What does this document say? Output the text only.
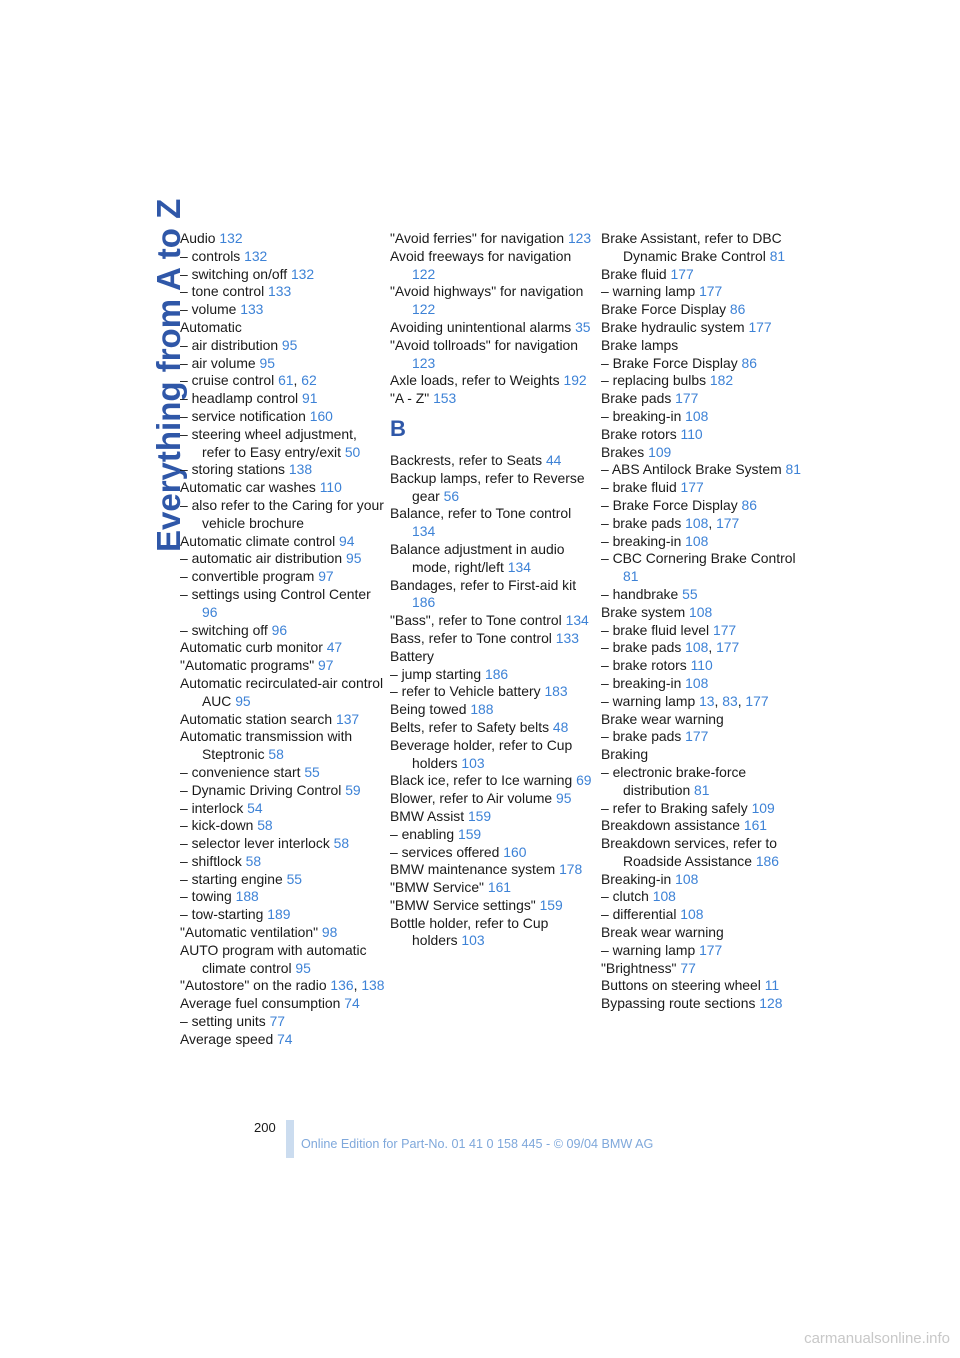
Everything from A to Z
Audio 132
– controls 132
– switching on/off 132
– tone control 133
– volume 133
Automatic
– air distribution 95
– air volume 95
– cruise control 61, 62
– headlamp control 91
– service notification 160
– steering wheel adjustment, refer to Easy entry/exit 50
– storing stations 138
Automatic car washes 110
– also refer to the Caring for your vehicle brochure
Automatic climate control 94
– automatic air distribution 95
– convertible program 97
– settings using Control Center 96
– switching off 96
Automatic curb monitor 47
"Automatic programs" 97
Automatic recirculated-air control AUC 95
Automatic station search 137
Automatic transmission with Steptronic 58
– convenience start 55
– Dynamic Driving Control 59
– interlock 54
– kick-down 58
– selector lever interlock 58
– shiftlock 58
– starting engine 55
– towing 188
– tow-starting 189
"Automatic ventilation" 98
AUTO program with automatic climate control 95
"Autostore" on the radio 136, 138
Average fuel consumption 74
– setting units 77
Average speed 74
"Avoid ferries" for navigation 123
Avoid freeways for navigation 122
"Avoid highways" for navigation 122
Avoiding unintentional alarms 35
"Avoid tollroads" for navigation 123
Axle loads, refer to Weights 192
"A - Z" 153
B
Backrests, refer to Seats 44
Backup lamps, refer to Reverse gear 56
Balance, refer to Tone control 134
Balance adjustment in audio mode, right/left 134
Bandages, refer to First-aid kit 186
"Bass", refer to Tone control 134
Bass, refer to Tone control 133
Battery
– jump starting 186
– refer to Vehicle battery 183
Being towed 188
Belts, refer to Safety belts 48
Beverage holder, refer to Cup holders 103
Black ice, refer to Ice warning 69
Blower, refer to Air volume 95
BMW Assist 159
– enabling 159
– services offered 160
BMW maintenance system 178
"BMW Service" 161
"BMW Service settings" 159
Bottle holder, refer to Cup holders 103
Brake Assistant, refer to DBC Dynamic Brake Control 81
Brake fluid 177
– warning lamp 177
Brake Force Display 86
Brake hydraulic system 177
Brake lamps
– Brake Force Display 86
– replacing bulbs 182
Brake pads 177
– breaking-in 108
Brake rotors 110
Brakes 109
– ABS Antilock Brake System 81
– brake fluid 177
– Brake Force Display 86
– brake pads 108, 177
– breaking-in 108
– CBC Cornering Brake Control 81
– handbrake 55
Brake system 108
– brake fluid level 177
– brake pads 108, 177
– brake rotors 110
– breaking-in 108
– warning lamp 13, 83, 177
Brake wear warning
– brake pads 177
Braking
– electronic brake-force distribution 81
– refer to Braking safely 109
Breakdown assistance 161
Breakdown services, refer to Roadside Assistance 186
Breaking-in 108
– clutch 108
– differential 108
Break wear warning
– warning lamp 177
"Brightness" 77
Buttons on steering wheel 11
Bypassing route sections 128
200
Online Edition for Part-No. 01 41 0 158 445 - © 09/04 BMW AG
carmanualsonline.info
